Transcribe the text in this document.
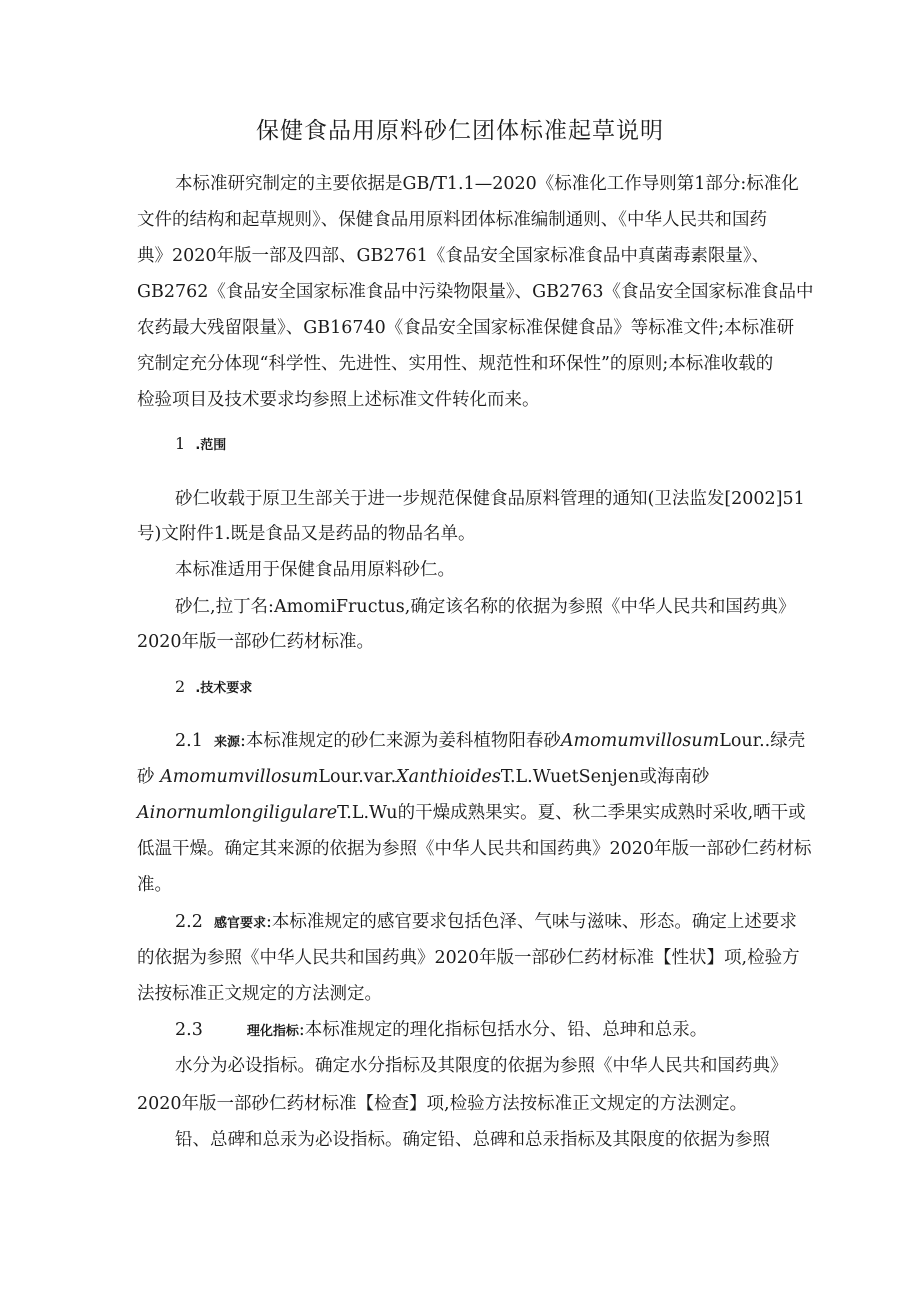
保健食品用原料砂仁团体标准起草说明
本标准研究制定的主要依据是GB/T1.1—2020《标准化工作导则第1部分:标准化
文件的结构和起草规则》、保健食品用原料团体标准编制通则、《中华人民共和国药
典》2020年版一部及四部、GB2761《食品安全国家标准食品中真菌毒素限量》、
GB2762《食品安全国家标准食品中污染物限量》、GB2763《食品安全国家标准食品中
农药最大残留限量》、GB16740《食品安全国家标准保健食品》等标准文件;本标准研
究制定充分体现“科学性、先进性、实用性、规范性和环保性”的原则;本标准收载的
检验项目及技术要求均参照上述标准文件转化而来。
1 .范围
砂仁收载于原卫生部关于进一步规范保健食品原料管理的通知(卫法监发[2002]51
号)文附件1.既是食品又是药品的物品名单。
本标准适用于保健食品用原料砂仁。
砂仁,拉丁名:AmomiFructus,确定该名称的依据为参照《中华人民共和国药典》
2020年版一部砂仁药材标准。
2 .技术要求
2.1 来源:本标准规定的砂仁来源为姜科植物阳春砂AmomumvillosumLour..绿壳
砂 AmomumvillosumLour.var.XanthioidesT.L.WuetSenjen或海南砂
AinornumlongiligulareT.L.Wu的干燥成熟果实。夏、秋二季果实成熟时采收,晒干或
低温干燥。确定其来源的依据为参照《中华人民共和国药典》2020年版一部砂仁药材标
准。
2.2 感官要求:本标准规定的感官要求包括色泽、气味与滋味、形态。确定上述要求
的依据为参照《中华人民共和国药典》2020年版一部砂仁药材标准【性状】项,检验方
法按标准正文规定的方法测定。
2.3	理化指标:本标准规定的理化指标包括水分、铅、总珅和总汞。
水分为必设指标。确定水分指标及其限度的依据为参照《中华人民共和国药典》
2020年版一部砂仁药材标准【检查】项,检验方法按标准正文规定的方法测定。
铅、总碑和总汞为必设指标。确定铅、总碑和总汞指标及其限度的依据为参照
